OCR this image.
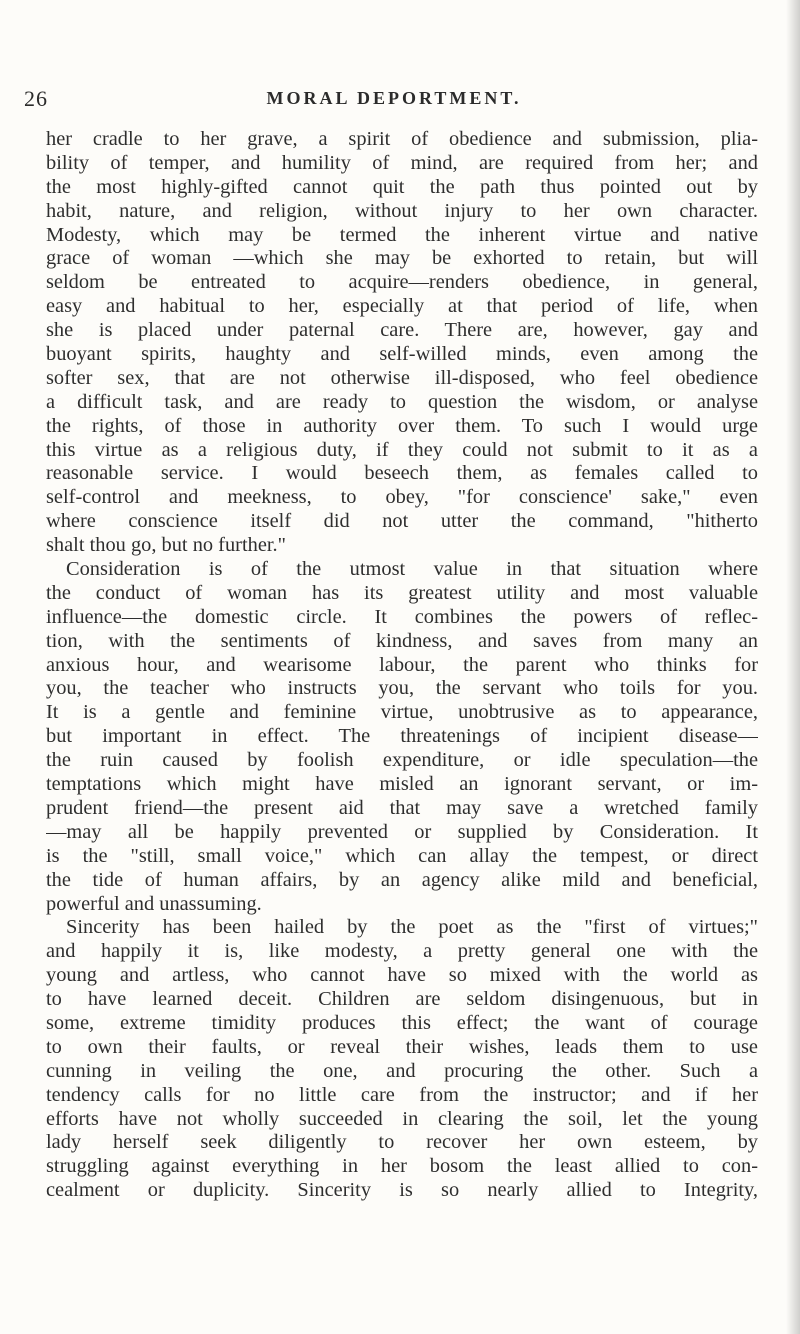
26	MORAL DEPORTMENT.
her cradle to her grave, a spirit of obedience and submission, plia-
bility of temper, and humility of mind, are required from her; and
the most highly-gifted cannot quit the path thus pointed out by
habit, nature, and religion, without injury to her own character.
Modesty, which may be termed the inherent virtue and native
grace of woman —which she may be exhorted to retain, but will
seldom be entreated to acquire—renders obedience, in general,
easy and habitual to her, especially at that period of life, when
she is placed under paternal care. There are, however, gay and
buoyant spirits, haughty and self-willed minds, even among the
softer sex, that are not otherwise ill-disposed, who feel obedience
a difficult task, and are ready to question the wisdom, or analyse
the rights, of those in authority over them. To such I would urge
this virtue as a religious duty, if they could not submit to it as a
reasonable service. I would beseech them, as females called to
self-control and meekness, to obey, "for conscience' sake," even
where conscience itself did not utter the command, "hitherto
shalt thou go, but no further."
Consideration is of the utmost value in that situation where
the conduct of woman has its greatest utility and most valuable
influence—the domestic circle. It combines the powers of reflec-
tion, with the sentiments of kindness, and saves from many an
anxious hour, and wearisome labour, the parent who thinks for
you, the teacher who instructs you, the servant who toils for you.
It is a gentle and feminine virtue, unobtrusive as to appearance,
but important in effect. The threatenings of incipient disease—
the ruin caused by foolish expenditure, or idle speculation—the
temptations which might have misled an ignorant servant, or im-
prudent friend—the present aid that may save a wretched family
—may all be happily prevented or supplied by Consideration. It
is the "still, small voice," which can allay the tempest, or direct
the tide of human affairs, by an agency alike mild and beneficial,
powerful and unassuming.
Sincerity has been hailed by the poet as the "first of virtues;"
and happily it is, like modesty, a pretty general one with the
young and artless, who cannot have so mixed with the world as
to have learned deceit. Children are seldom disingenuous, but in
some, extreme timidity produces this effect; the want of courage
to own their faults, or reveal their wishes, leads them to use
cunning in veiling the one, and procuring the other. Such a
tendency calls for no little care from the instructor; and if her
efforts have not wholly succeeded in clearing the soil, let the young
lady herself seek diligently to recover her own esteem, by
struggling against everything in her bosom the least allied to con-
cealment or duplicity. Sincerity is so nearly allied to Integrity,
